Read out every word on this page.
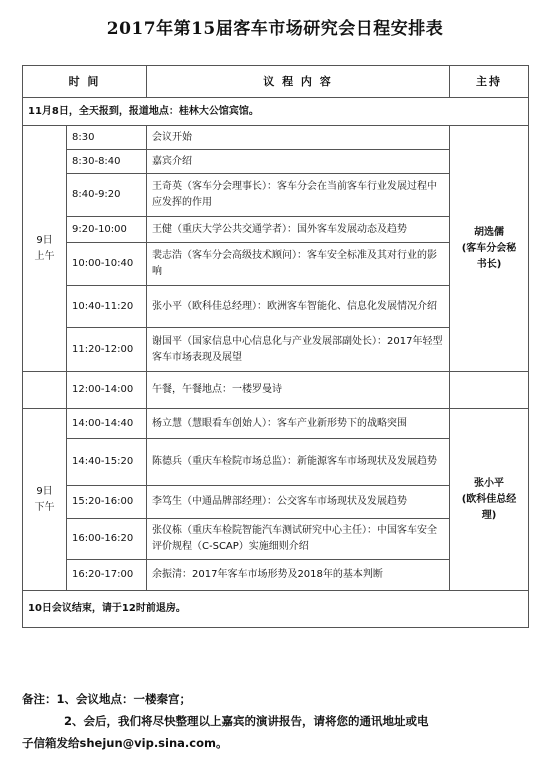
2017年第15届客车市场研究会日程安排表
时 间		议 程 内 容	主持
11月8日，全天报到，报道地点：桂林大公馆宾馆。			
9日
上午	8:30	会议开始	胡选儒
(客车分会秘
书长)
	8:30-8:40	嘉宾介绍	
	8:40-9:20	王奇英（客车分会理事长）：客车分会在当前客车行业发展过程中应发挥的作用	
	9:20-10:00	王健（重庆大学公共交通学者）：国外客车发展动态及趋势	
	10:00-10:40	裴志浩（客车分会高级技术顾问）：客车安全标准及其对行业的影响	
	10:40-11:20	张小平（欧科佳总经理）：欧洲客车智能化、信息化发展情况介绍	
	11:20-12:00	谢国平（国家信息中心信息化与产业发展部副处长）：2017年轻型客车市场表现及展望	
	12:00-14:00	午餐，午餐地点：一楼罗曼诗	
9日
下午	14:00-14:40	杨立慧（慧眼看车创始人）：客车产业新形势下的战略突围	张小平
(欧科佳总经
理)
	14:40-15:20	陈德兵（重庆车检院市场总监）：新能源客车市场现状及发展趋势	
	15:20-16:00	李笃生（中通品牌部经理）：公交客车市场现状及发展趋势	
	16:00-16:20	张仪栋（重庆车检院智能汽车测试研究中心主任）：中国客车安全评价规程（C-SCAP）实施细则介绍	
	16:20-17:00	余振清：2017年客车市场形势及2018年的基本判断	
10日会议结束，请于12时前退房。			
备注：1、会议地点：一楼秦宫；
2、会后，我们将尽快整理以上嘉宾的演讲报告，请将您的通讯地址或电
子信箱发给shejun@vip.sina.com。
